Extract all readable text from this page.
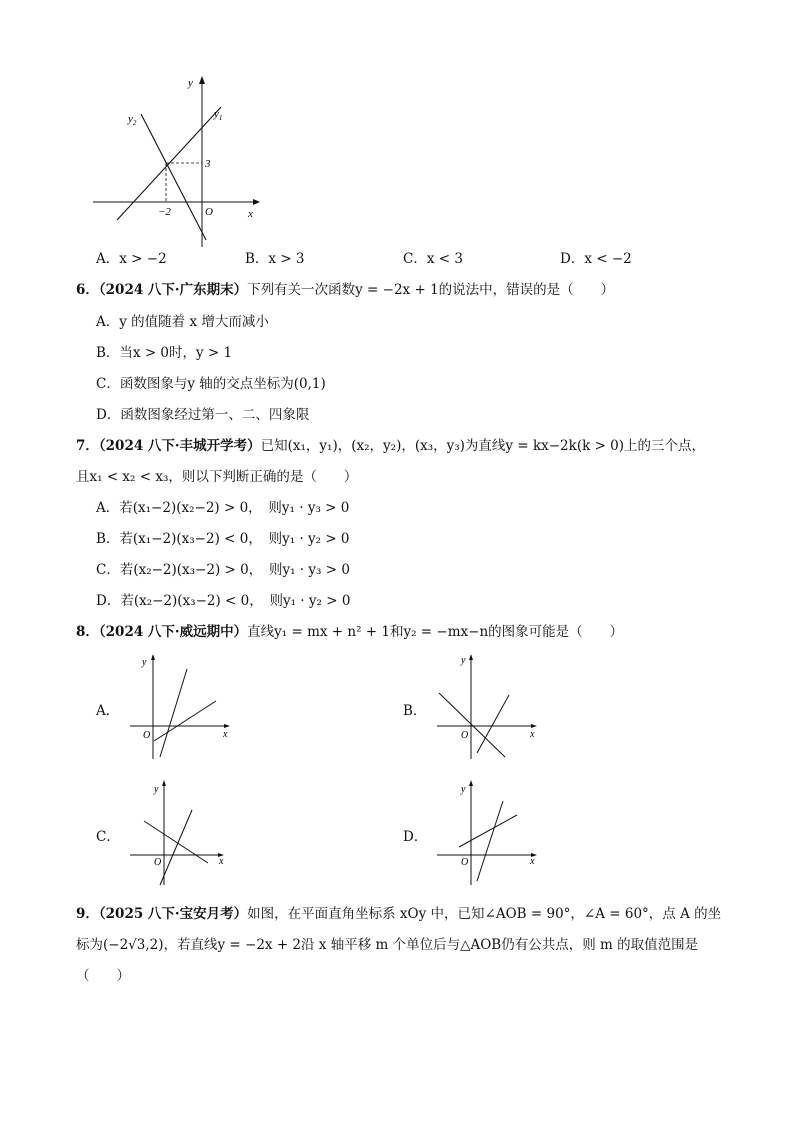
y
x
O
$y_1$
$y_2$
3
−2
A．x > −2	B．x > 3	C．x < 3	D．x < −2
6．（2024 八下·广东期末）下列有关一次函数y = −2x + 1的说法中，错误的是（　　）
A．y 的值随着 x 增大而减小
B．当x > 0时，y > 1
C．函数图象与y 轴的交点坐标为(0,1)
D．函数图象经过第一、二、四象限
7．（2024 八下·丰城开学考）已知(x₁，y₁)，(x₂，y₂)，(x₃，y₃)为直线y = kx−2k(k > 0)上的三个点，
且x₁ < x₂ < x₃，则以下判断正确的是（　　）
A．若(x₁−2)(x₂−2) > 0，　则y₁ · y₃ > 0
B．若(x₁−2)(x₃−2) < 0，　则y₁ · y₂ > 0
C．若(x₂−2)(x₃−2) > 0，　则y₁ · y₃ > 0
D．若(x₂−2)(x₃−2) < 0，　则y₁ · y₂ > 0
8．（2024 八下·威远期中）直线y₁ = mx + n² + 1和y₂ = −mx−n的图象可能是（　　）
A．
y
x
O
B．
y
x
O
C．
y
x
O
D．
y
x
O
9．（2025 八下·宝安月考）如图，在平面直角坐标系 xOy 中，已知∠AOB = 90°，∠A = 60°，点 A 的坐
标为(−2√3,2)，若直线y = −2x + 2沿 x 轴平移 m 个单位后与△AOB仍有公共点，则 m 的取值范围是
（　　）
